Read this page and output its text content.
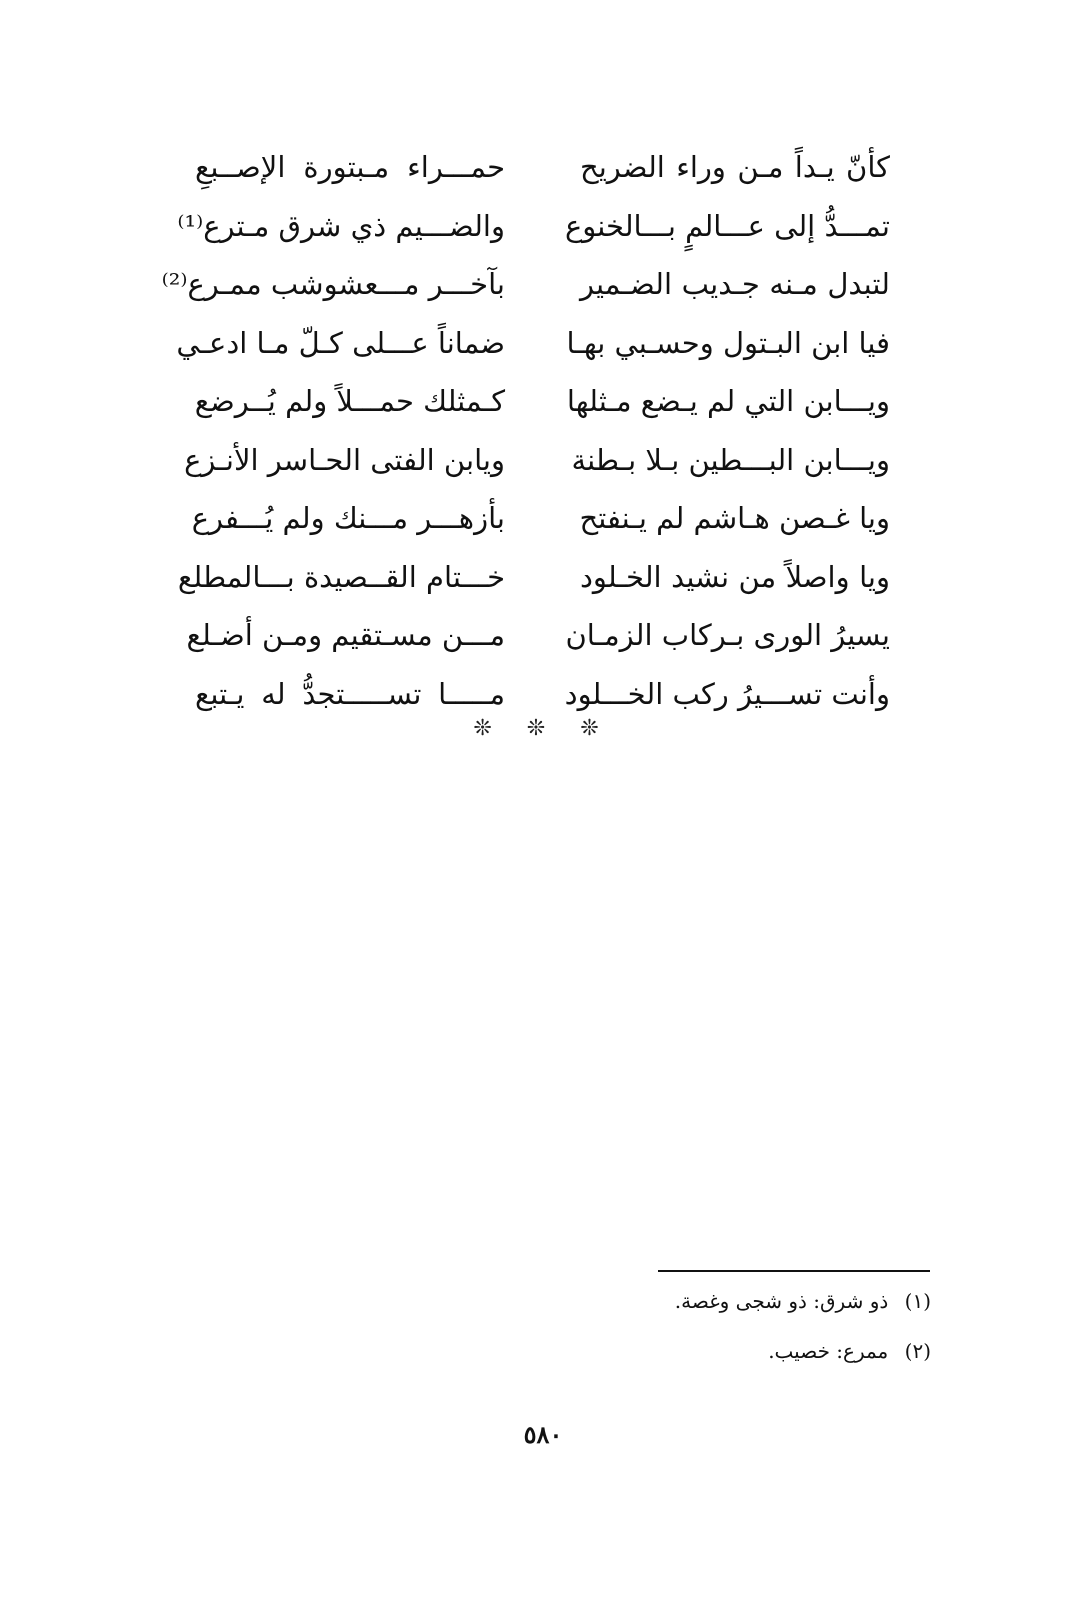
كأنّ يـداً مـن وراء الضريح
حمـــراء مـبتورة الإصــبعِ
تمـــدُّ إلى عـــالمٍ بـــالخنوع
والضـــيم ذي شرق مـترع⁽¹⁾
لتبدل مـنه جـديب الضـمير
بآخـــر مـــعشوشب ممـرع⁽²⁾
فيا ابن البـتول وحسـبي بهـا
ضماناً عـــلى كـلّ مـا ادعـي
ويـــابن التي لم يـضع مـثلها
كـمثلك حمـــلاً ولم يُــرضع
ويـــابن البـــطين بـلا بـطنة
ويابن الفتى الحـاسر الأنـزع
ويا غـصن هـاشم لم يـنفتح
بأزهـــر مـــنك ولم يُـــفرع
ويا واصلاً من نشيد الخـلود
خـــتام القــصيدة بـــالمطلع
يسيرُ الورى بـركاب الزمـان
مـــن مسـتقيم ومـن أضـلع
وأنت تســـيرُ ركب الخـــلود
مـــــا تســـــتجدُّ له يـتبع
❊ ❊ ❊
(١) ذو شرق: ذو شجى وغصة.
(٢) ممرع: خصيب.
٥٨٠
